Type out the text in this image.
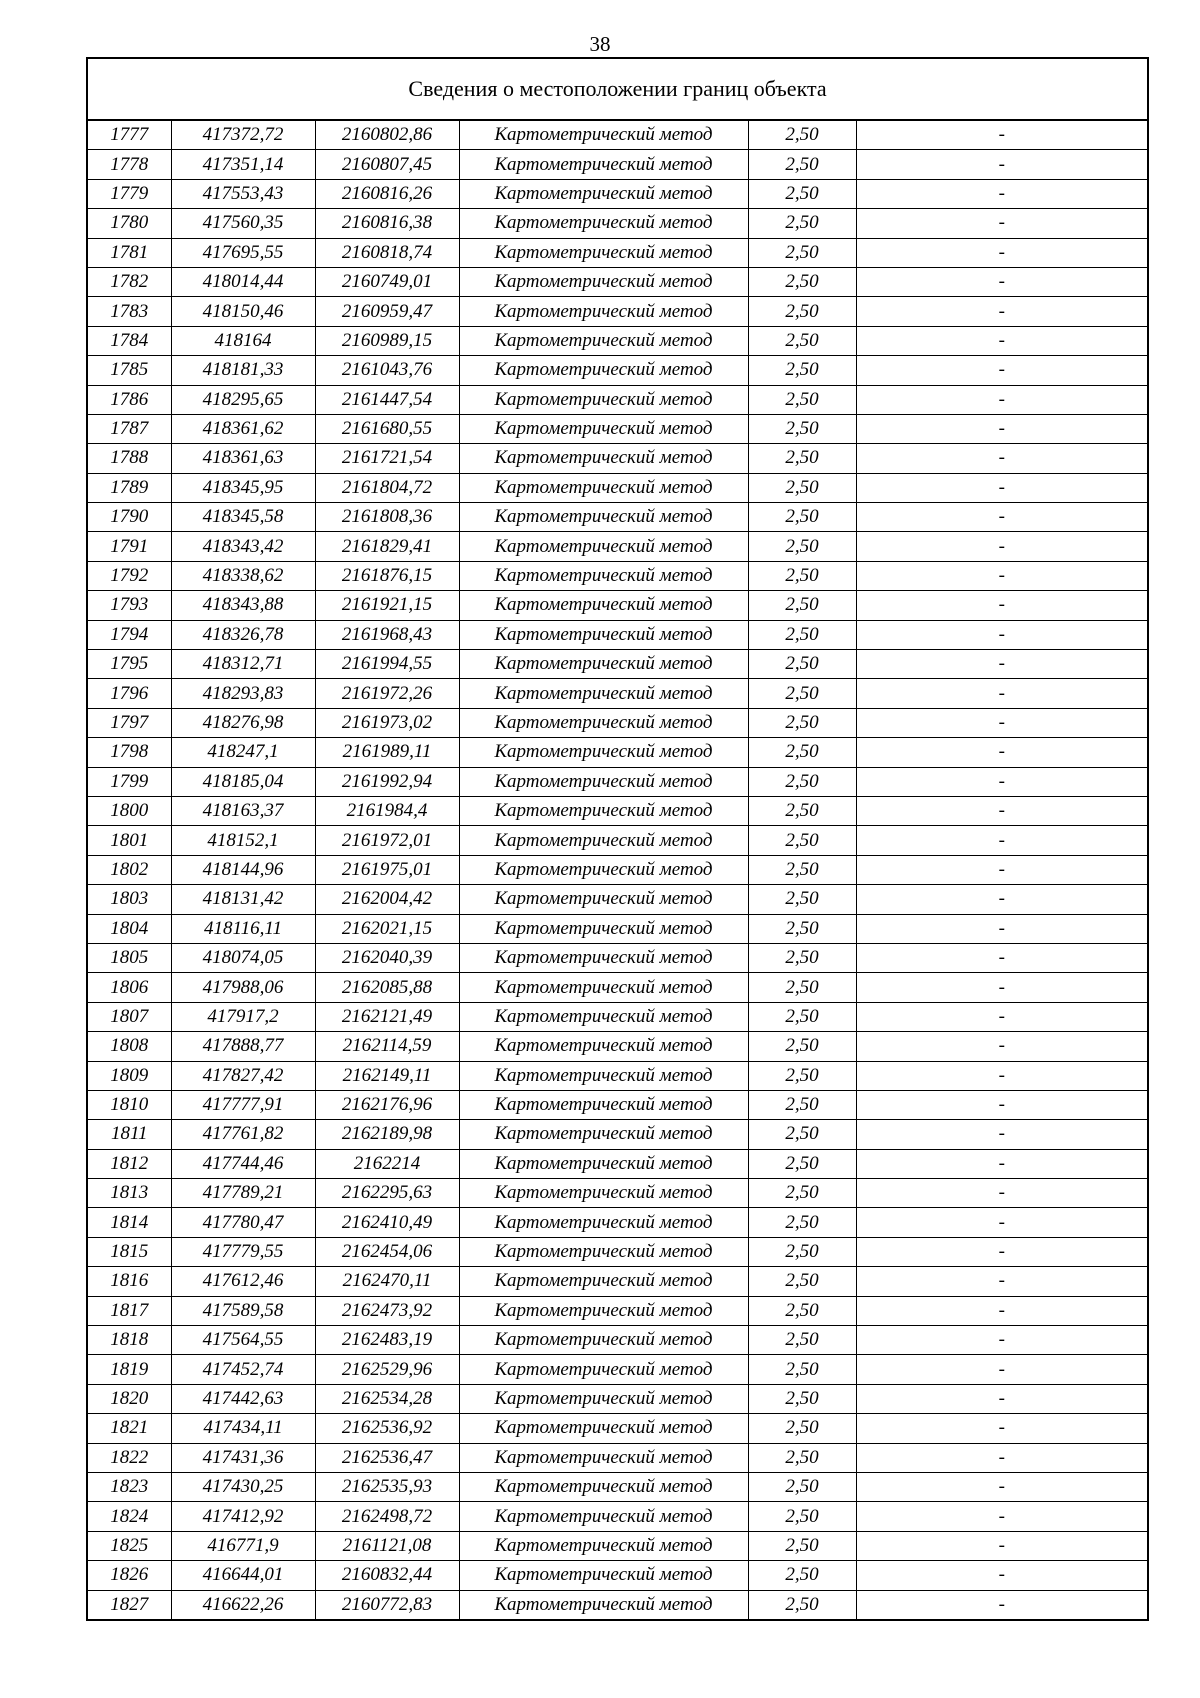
38
Сведения о местоположении границ объекта					
1777	417372,72	2160802,86	Картометрический метод	2,50	-
1778	417351,14	2160807,45	Картометрический метод	2,50	-
1779	417553,43	2160816,26	Картометрический метод	2,50	-
1780	417560,35	2160816,38	Картометрический метод	2,50	-
1781	417695,55	2160818,74	Картометрический метод	2,50	-
1782	418014,44	2160749,01	Картометрический метод	2,50	-
1783	418150,46	2160959,47	Картометрический метод	2,50	-
1784	418164	2160989,15	Картометрический метод	2,50	-
1785	418181,33	2161043,76	Картометрический метод	2,50	-
1786	418295,65	2161447,54	Картометрический метод	2,50	-
1787	418361,62	2161680,55	Картометрический метод	2,50	-
1788	418361,63	2161721,54	Картометрический метод	2,50	-
1789	418345,95	2161804,72	Картометрический метод	2,50	-
1790	418345,58	2161808,36	Картометрический метод	2,50	-
1791	418343,42	2161829,41	Картометрический метод	2,50	-
1792	418338,62	2161876,15	Картометрический метод	2,50	-
1793	418343,88	2161921,15	Картометрический метод	2,50	-
1794	418326,78	2161968,43	Картометрический метод	2,50	-
1795	418312,71	2161994,55	Картометрический метод	2,50	-
1796	418293,83	2161972,26	Картометрический метод	2,50	-
1797	418276,98	2161973,02	Картометрический метод	2,50	-
1798	418247,1	2161989,11	Картометрический метод	2,50	-
1799	418185,04	2161992,94	Картометрический метод	2,50	-
1800	418163,37	2161984,4	Картометрический метод	2,50	-
1801	418152,1	2161972,01	Картометрический метод	2,50	-
1802	418144,96	2161975,01	Картометрический метод	2,50	-
1803	418131,42	2162004,42	Картометрический метод	2,50	-
1804	418116,11	2162021,15	Картометрический метод	2,50	-
1805	418074,05	2162040,39	Картометрический метод	2,50	-
1806	417988,06	2162085,88	Картометрический метод	2,50	-
1807	417917,2	2162121,49	Картометрический метод	2,50	-
1808	417888,77	2162114,59	Картометрический метод	2,50	-
1809	417827,42	2162149,11	Картометрический метод	2,50	-
1810	417777,91	2162176,96	Картометрический метод	2,50	-
1811	417761,82	2162189,98	Картометрический метод	2,50	-
1812	417744,46	2162214	Картометрический метод	2,50	-
1813	417789,21	2162295,63	Картометрический метод	2,50	-
1814	417780,47	2162410,49	Картометрический метод	2,50	-
1815	417779,55	2162454,06	Картометрический метод	2,50	-
1816	417612,46	2162470,11	Картометрический метод	2,50	-
1817	417589,58	2162473,92	Картометрический метод	2,50	-
1818	417564,55	2162483,19	Картометрический метод	2,50	-
1819	417452,74	2162529,96	Картометрический метод	2,50	-
1820	417442,63	2162534,28	Картометрический метод	2,50	-
1821	417434,11	2162536,92	Картометрический метод	2,50	-
1822	417431,36	2162536,47	Картометрический метод	2,50	-
1823	417430,25	2162535,93	Картометрический метод	2,50	-
1824	417412,92	2162498,72	Картометрический метод	2,50	-
1825	416771,9	2161121,08	Картометрический метод	2,50	-
1826	416644,01	2160832,44	Картометрический метод	2,50	-
1827	416622,26	2160772,83	Картометрический метод	2,50	-
